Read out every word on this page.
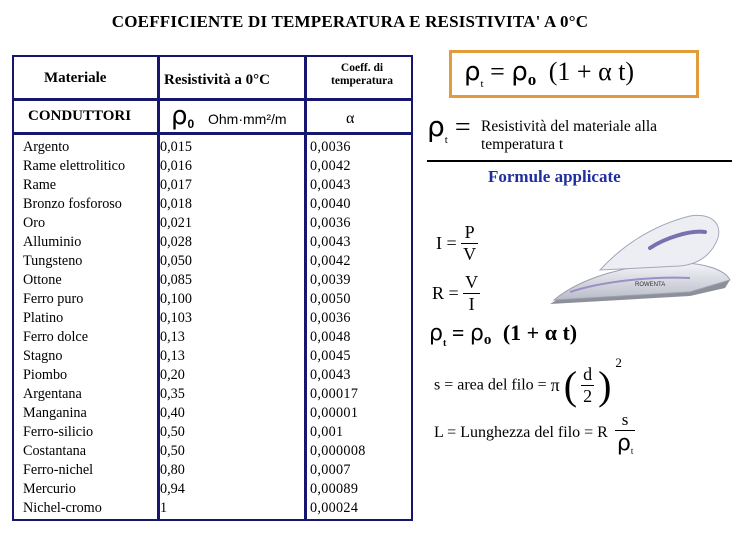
COEFFICIENTE DI TEMPERATURA E RESISTIVITA' A 0°C
Materiale	Resistività a 0°C
Coeff. di
temperatura
CONDUTTORI $\rho_0$ Ohm·mm²/m	α
Argento
Rame elettrolitico
Rame
Bronzo fosforoso
Oro
Alluminio
Tungsteno
Ottone
Ferro puro
Platino
Ferro dolce
Stagno
Piombo
Argentana
Manganina
Ferro-silicio
Costantana
Ferro-nichel
Mercurio
Nichel-cromo
0,015
0,016
0,017
0,018
0,021
0,028
0,050
0,085
0,100
0,103
0,13
0,13
0,20
0,35
0,40
0,50
0,50
0,80
0,94
1
0,0036
0,0042
0,0043
0,0040
0,0036
0,0043
0,0042
0,0039
0,0050
0,0036
0,0048
0,0045
0,0043
0,00017
0,00001
0,001
0,000008
0,0007
0,00089
0,00024
$\rho_t = \rho_o$ (1 + α t)
$\rho_t$ = Resistività del materiale alla
temperatura t
Formule applicate
$I = \frac{P}{V}$
$R = \frac{V}{I}$
$\rho_t = \rho_o$ (1 + α t)
s = area del filo = π ( $\frac{d}{2}$ ) $^2$
L = Lunghezza del filo = R $\frac{s}{\rho_t}$
ROWENTA
